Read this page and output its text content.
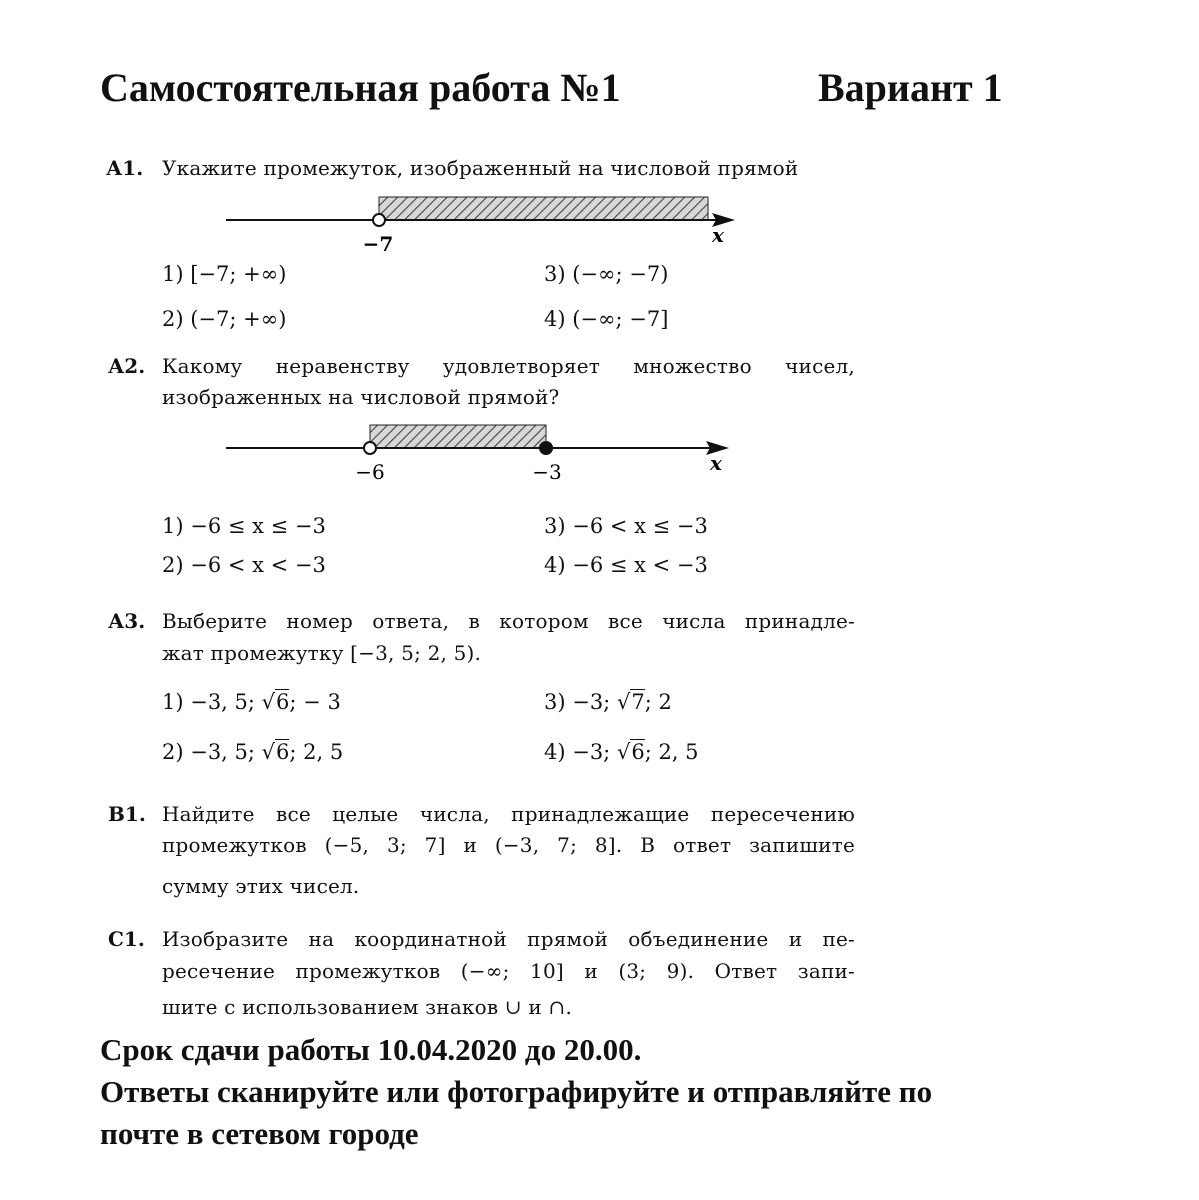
Самостоятельная работа №1	Вариант 1
А1. Укажите промежуток, изображенный на числовой прямой
−7	x
1) [−7; +∞)
2) (−7; +∞)
3) (−∞; −7)
4) (−∞; −7]
А2. Какому неравенству удовлетворяет множество чисел,
изображенных на числовой прямой?
−6	−3	x
1) −6 ≤ x ≤ −3
2) −6 < x < −3
3) −6 < x ≤ −3
4) −6 ≤ x < −3
А3. Выберите номер ответа, в котором все числа принадле-
жат промежутку [−3, 5; 2, 5).
1) −3, 5; √6; − 3
2) −3, 5; √6; 2, 5
3) −3; √7; 2
4) −3; √6; 2, 5
В1. Найдите все целые числа, принадлежащие пересечению
промежутков (−5, 3; 7] и (−3, 7; 8]. В ответ запишите
сумму этих чисел.
С1. Изобразите на координатной прямой объединение и пе-
ресечение промежутков (−∞; 10] и (3; 9). Ответ запи-
шите с использованием знаков ∪ и ∩.
Срок сдачи работы 10.04.2020 до 20.00.
Ответы сканируйте или фотографируйте и отправляйте по
почте в сетевом городе
